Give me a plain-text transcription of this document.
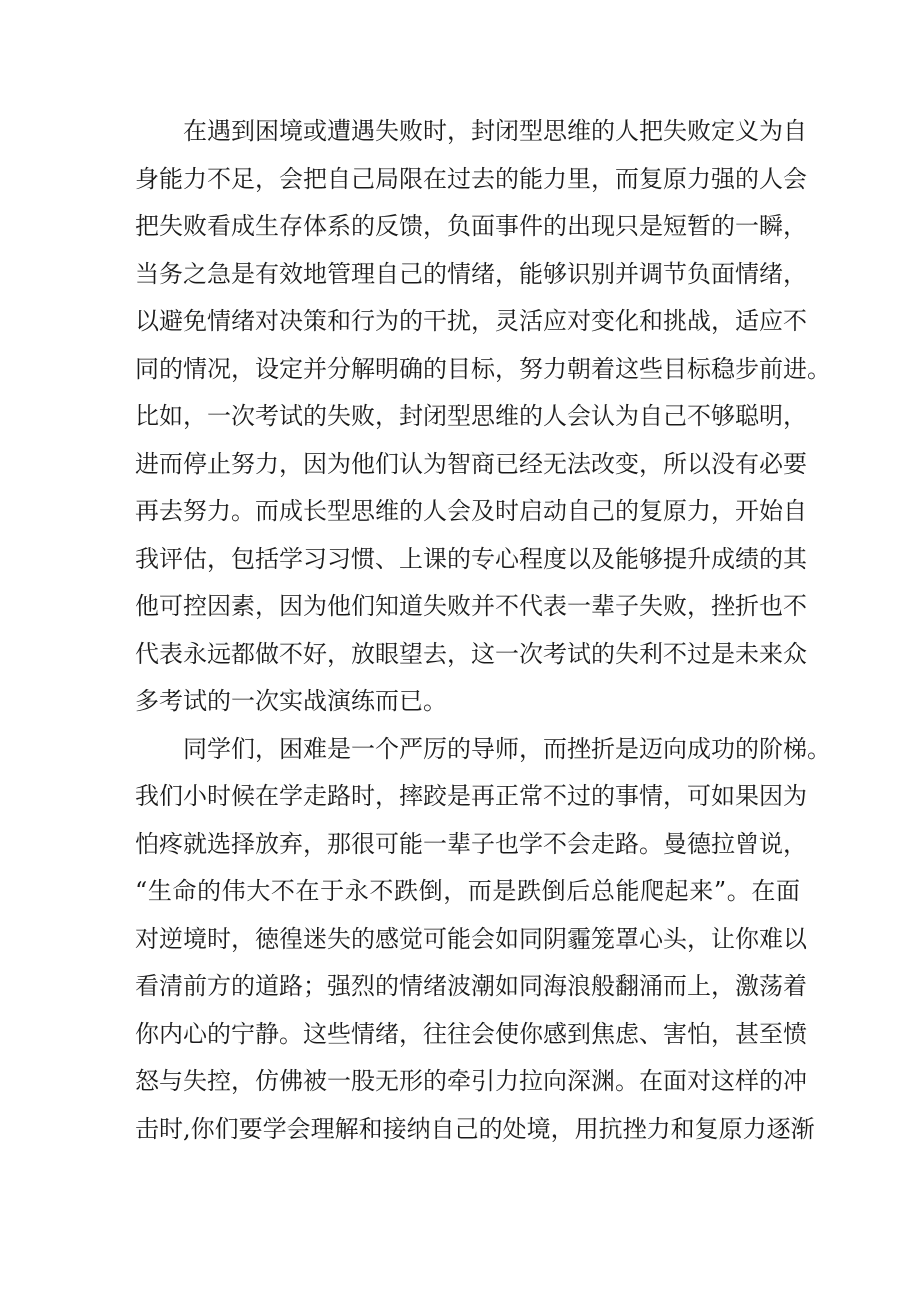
在遇到困境或遭遇失败时，封闭型思维的人把失败定义为自
身能力不足，会把自己局限在过去的能力里，而复原力强的人会
把失败看成生存体系的反馈，负面事件的出现只是短暂的一瞬，
当务之急是有效地管理自己的情绪，能够识别并调节负面情绪，
以避免情绪对决策和行为的干扰，灵活应对变化和挑战，适应不
同的情况，设定并分解明确的目标，努力朝着这些目标稳步前进。
比如，一次考试的失败，封闭型思维的人会认为自己不够聪明，
进而停止努力，因为他们认为智商已经无法改变，所以没有必要
再去努力。而成长型思维的人会及时启动自己的复原力，开始自
我评估，包括学习习惯、上课的专心程度以及能够提升成绩的其
他可控因素，因为他们知道失败并不代表一辈子失败，挫折也不
代表永远都做不好，放眼望去，这一次考试的失利不过是未来众
多考试的一次实战演练而已。
同学们，困难是一个严厉的导师，而挫折是迈向成功的阶梯。
我们小时候在学走路时，摔跤是再正常不过的事情，可如果因为
怕疼就选择放弃，那很可能一辈子也学不会走路。曼德拉曾说，
“生命的伟大不在于永不跌倒，而是跌倒后总能爬起来”。在面
对逆境时，徳徨迷失的感觉可能会如同阴霾笼罩心头，让你难以
看清前方的道路；强烈的情绪波潮如同海浪般翻涌而上，激荡着
你内心的宁静。这些情绪，往往会使你感到焦虑、害怕，甚至愤
怒与失控，仿佛被一股无形的牵引力拉向深渊。在面对这样的冲
击时,你们要学会理解和接纳自己的处境，用抗挫力和复原力逐渐
